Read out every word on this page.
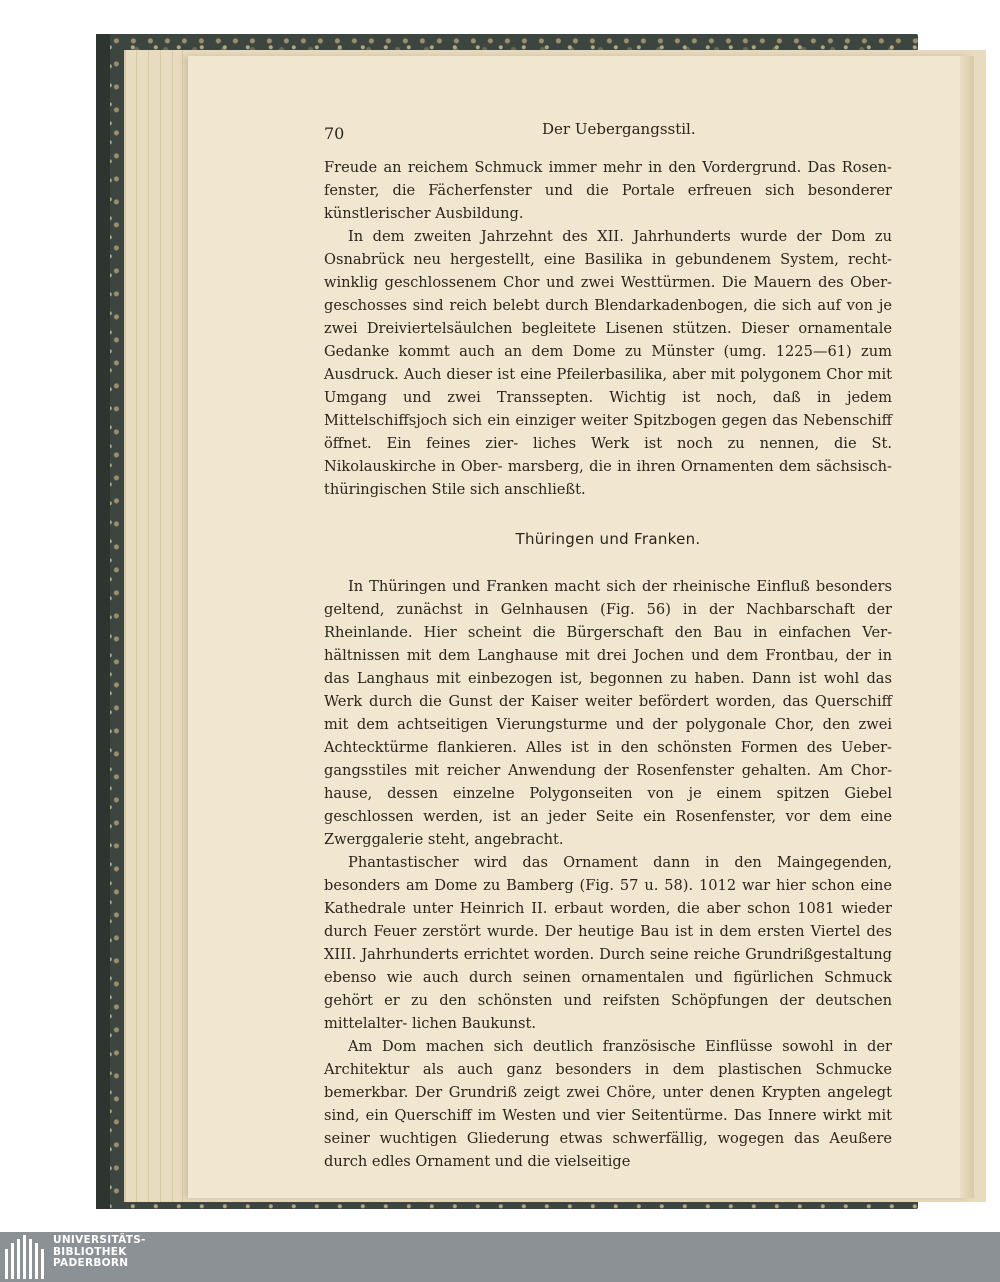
70	Der Uebergangsstil.

Freude an reichem Schmuck immer mehr in den Vordergrund. Das Rosen- fenster, die Fächerfenster und die Portale erfreuen sich besonderer künstlerischer Ausbildung.

In dem zweiten Jahrzehnt des XII. Jahrhunderts wurde der Dom zu Osnabrück neu hergestellt, eine Basilika in gebundenem System, recht- winklig geschlossenem Chor und zwei Westtürmen. Die Mauern des Ober- geschosses sind reich belebt durch Blendarkadenbogen, die sich auf von je zwei Dreiviertelsäulchen begleitete Lisenen stützen. Dieser ornamentale Gedanke kommt auch an dem Dome zu Münster (umg. 1225—61) zum Ausdruck. Auch dieser ist eine Pfeilerbasilika, aber mit polygonem Chor mit Umgang und zwei Transsepten. Wichtig ist noch, daß in jedem Mittelschiffsjoch sich ein einziger weiter Spitzbogen gegen das Nebenschiff öffnet. Ein feines zier- liches Werk ist noch zu nennen, die St. Nikolauskirche in Ober- marsberg, die in ihren Ornamenten dem sächsisch-thüringischen Stile sich anschließt.

Thüringen und Franken.

In Thüringen und Franken macht sich der rheinische Einfluß besonders geltend, zunächst in Gelnhausen (Fig. 56) in der Nachbarschaft der Rheinlande. Hier scheint die Bürgerschaft den Bau in einfachen Ver- hältnissen mit dem Langhause mit drei Jochen und dem Frontbau, der in das Langhaus mit einbezogen ist, begonnen zu haben. Dann ist wohl das Werk durch die Gunst der Kaiser weiter befördert worden, das Querschiff mit dem achtseitigen Vierungsturme und der polygonale Chor, den zwei Achtecktürme flankieren. Alles ist in den schönsten Formen des Ueber- gangsstiles mit reicher Anwendung der Rosenfenster gehalten. Am Chor- hause, dessen einzelne Polygonseiten von je einem spitzen Giebel geschlossen werden, ist an jeder Seite ein Rosenfenster, vor dem eine Zwerggalerie steht, angebracht.

Phantastischer wird das Ornament dann in den Maingegenden, besonders am Dome zu Bamberg (Fig. 57 u. 58). 1012 war hier schon eine Kathedrale unter Heinrich II. erbaut worden, die aber schon 1081 wieder durch Feuer zerstört wurde. Der heutige Bau ist in dem ersten Viertel des XIII. Jahrhunderts errichtet worden. Durch seine reiche Grundrißgestaltung ebenso wie auch durch seinen ornamentalen und figürlichen Schmuck gehört er zu den schönsten und reifsten Schöpfungen der deutschen mittelalter- lichen Baukunst.

Am Dom machen sich deutlich französische Einflüsse sowohl in der Architektur als auch ganz besonders in dem plastischen Schmucke bemerkbar. Der Grundriß zeigt zwei Chöre, unter denen Krypten angelegt sind, ein Querschiff im Westen und vier Seitentürme. Das Innere wirkt mit seiner wuchtigen Gliederung etwas schwerfällig, wogegen das Aeußere durch edles Ornament und die vielseitige

UNIVERSITÄTS-
BIBLIOTHEK
PADERBORN
